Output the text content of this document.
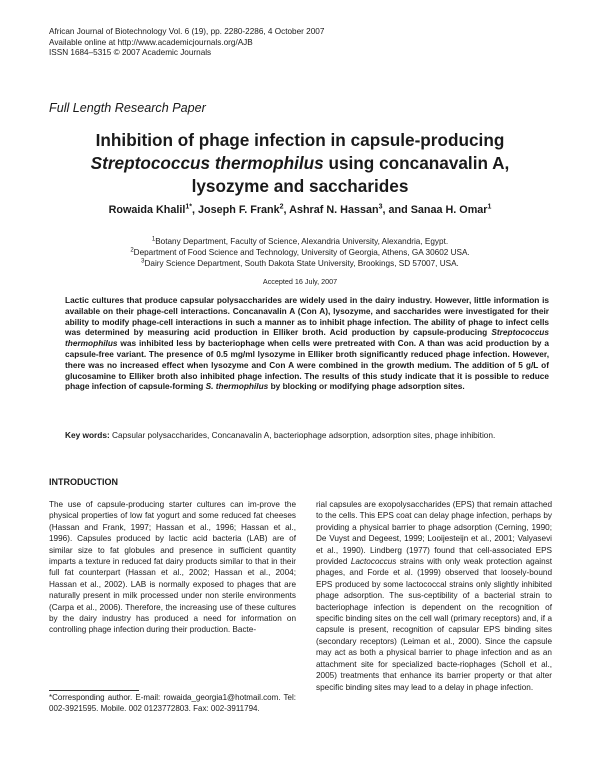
African Journal of Biotechnology Vol. 6 (19), pp. 2280-2286, 4 October 2007
Available online at http://www.academicjournals.org/AJB
ISSN 1684–5315 © 2007 Academic Journals
Full Length Research Paper
Inhibition of phage infection in capsule-producing
Streptococcus thermophilus using concanavalin A,
lysozyme and saccharides
Rowaida Khalil$^{1*}$, Joseph F. Frank$^2$, Ashraf N. Hassan$^3$, and Sanaa H. Omar$^1$
$^1$Botany Department, Faculty of Science, Alexandria University, Alexandria, Egypt.
$^2$Department of Food Science and Technology, University of Georgia, Athens, GA 30602 USA.
$^3$Dairy Science Department, South Dakota State University, Brookings, SD 57007, USA.
Accepted 16 July, 2007
Lactic cultures that produce capsular polysaccharides are widely used in the dairy industry. However, little information is available on their phage-cell interactions. Concanavalin A (Con A), lysozyme, and saccharides were investigated for their ability to modify phage-cell interactions in such a manner as to inhibit phage infection. The ability of phage to infect cells was determined by measuring acid production in Elliker broth. Acid production by capsule-producing Streptococcus thermophilus was inhibited less by bacteriophage when cells were pretreated with Con. A than was acid production by a capsule-free variant. The presence of 0.5 mg/ml lysozyme in Elliker broth significantly reduced phage infection. However, there was no increased effect when lysozyme and Con A were combined in the growth medium. The addition of 5 g/L of glucosamine to Elliker broth also inhibited phage infection. The results of this study indicate that it is possible to reduce phage infection of capsule-forming S. thermophilus by blocking or modifying phage adsorption sites.
Key words: Capsular polysaccharides, Concanavalin A, bacteriophage adsorption, adsorption sites, phage inhibition.
INTRODUCTION
The use of capsule-producing starter cultures can im-prove the physical properties of low fat yogurt and some reduced fat cheeses (Hassan and Frank, 1997; Hassan et al., 1996; Hassan et al., 1996). Capsules produced by lactic acid bacteria (LAB) are of similar size to fat globules and presence in sufficient quantity imparts a texture in reduced fat dairy products similar to that in their full fat counterpart (Hassan et al., 2002; Hassan et al., 2004; Hassan et al., 2002). LAB is normally exposed to phages that are naturally present in milk processed under non sterile environments (Carpa et al., 2006). Therefore, the increasing use of these cultures by the dairy industry has produced a need for information on controlling phage infection during their production. Bacte-
rial capsules are exopolysaccharides (EPS) that remain attached to the cells. This EPS coat can delay phage infection, perhaps by providing a physical barrier to phage adsorption (Cerning, 1990; De Vuyst and Degeest, 1999; Looijesteijn et al., 2001; Valyasevi et al., 1990). Lindberg (1977) found that cell-associated EPS provided Lactococcus strains with only weak protection against phages, and Forde et al. (1999) observed that loosely-bound EPS produced by some lactococcal strains only slightly inhibited phage adsorption. The sus-ceptibility of a bacterial strain to bacteriophage infection is dependent on the recognition of specific binding sites on the cell wall (primary receptors) and, if a capsule is present, recognition of capsular EPS binding sites (secondary receptors) (Leiman et al., 2000). Since the capsule may act as both a physical barrier to phage infection and as an attachment site for specialized bacte-riophages (Scholl et al., 2005) treatments that enhance its barrier property or that alter specific binding sites may lead to a delay in phage infection.
*Corresponding author. E-mail: rowaida_georgia1@hotmail.com. Tel: 002-3921595. Mobile. 002 0123772803. Fax: 002-3911794.
